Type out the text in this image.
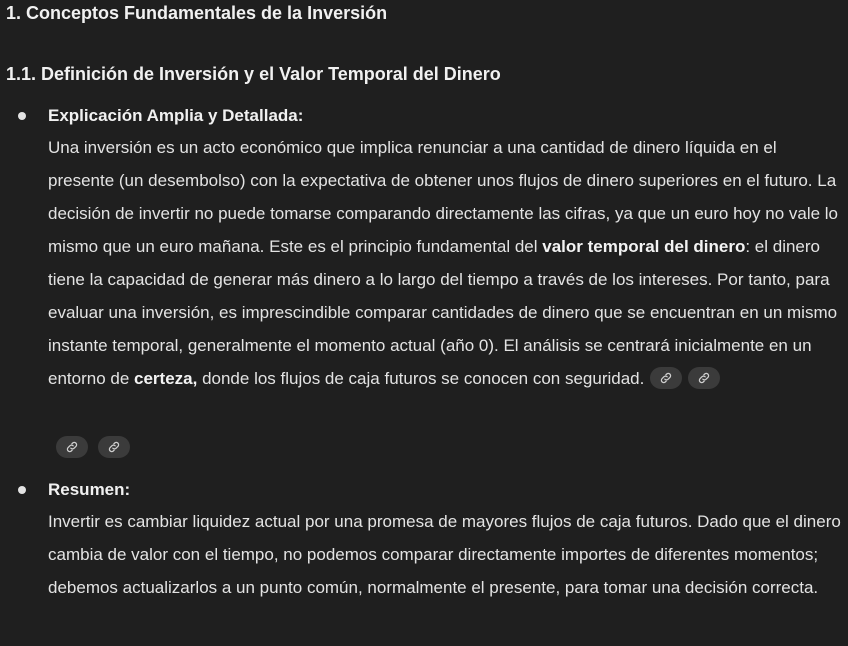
1. Conceptos Fundamentales de la Inversión
1.1. Definición de Inversión y el Valor Temporal del Dinero
Explicación Amplia y Detallada:

Una inversión es un acto económico que implica renunciar a una cantidad de dinero líquida en el presente (un desembolso) con la expectativa de obtener unos flujos de dinero superiores en el futuro. La decisión de invertir no puede tomarse comparando directamente las cifras, ya que un euro hoy no vale lo mismo que un euro mañana. Este es el principio fundamental del valor temporal del dinero: el dinero tiene la capacidad de generar más dinero a lo largo del tiempo a través de los intereses. Por tanto, para evaluar una inversión, es imprescindible comparar cantidades de dinero que se encuentran en un mismo instante temporal, generalmente el momento actual (año 0). El análisis se centrará inicialmente en un entorno de certeza, donde los flujos de caja futuros se conocen con seguridad.

Resumen:

Invertir es cambiar liquidez actual por una promesa de mayores flujos de caja futuros. Dado que el dinero cambia de valor con el tiempo, no podemos comparar directamente importes de diferentes momentos; debemos actualizarlos a un punto común, normalmente el presente, para tomar una decisión correcta.
